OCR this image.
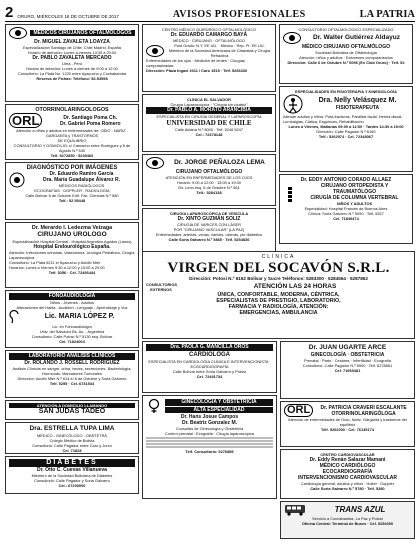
2 ORURO, MIÉRCOLES 18 DE OCTUBRE DE 2017	AVISOS PROFESIONALES	LA PATRIA
MÉDICOS CIRUJANOS OFTALMÓLOGOS
Dr. MIGUEL ZAVALETA LOAYZA
Especialización Santiago de Chile, Chile Madrid, España
Horario de atención: Lunes a viernes 14:30 a 20:00
Dr. PABLO ZAVALETA MERCADO
Lima - Perú
Horario de atención: Lunes a viernes de 9:00 a 12:00
Consultorio: La Plata No. 1220 entre Ayacucho y Cochabamba
Reserva de Fichas: Teléfono: 52-53598
OTORRINOLARINGOLOGOS
ORL	Dr. Santiago Poma Ch.
Dr. Gabriel Poma Romero
Atención a niños y adultos en enfermedades de: OÍDO - NARIZ - GARGANTA y TRASTORNOS
DE EQUILIBRIO
CONSULTORIO Y DOMICILIO: c/ Camacho entre Rodríguez y 6 de Agosto N.º 540
Telf. 5272850 · 5239460
DIAGNÓSTICO POR IMÁGENES
Dr. Eduardo Ramiro García
Dra. María Guadalupe Álvarez R.
MÉDICOS RADIÓLOGOS
ECOGRAFÍAS · DOPPLER · RADIOLOGÍA
Calle Bolívar 6 de Octubre Edif. Fac. Ciencias N.º 580
Telf.: 52 55448
Dr. Merardo I. Ledezma Veizaga
CIRUJANO UROLOGO
Especialización Hospital Central - Hospital Argentino Agudos (Lanús)
Hospital Endourológico España.
Atención: Infecciones urinarias, Vasectomía, Urología Pediátrica, Cirugía Laparoscópica
Consultorio: La Plata 6211 e/ Ayacucho y Adolfo Mier
Horarios: Lunes a Viernes 9:30 a 12:00 y 15:00 a 20:00
Telf. 5256 · Cel. 72493444
FONOAUDIOLOGIA
Niños - Jóvenes - Adultos
Alteraciones del Habla - Audición - Lenguaje - Aprendizaje y Voz
Lic. MARIA LÓPEZ P.
Lic. en Fonoaudiología
Univ. del Salvador Bs. As. - Argentina
Consultorio: Calle Potosí N.º 5130 esq. Bolívar
Cel. 71824004
LABORATORIO ANÁLISIS CLÍNICOS
Dr. ROLANDO J. ROSSELL RODRIGUEZ
Análisis Clínicos en sangre, orina, heces, secreciones. Bacteriología, Hormonas, Marcadores Tumorales
Dirección: Adolfo Mier N.º 614 e/ 6 de Octubre y Soria Galvarro
Telf. 5255 · Cel. 6731534
ATENCIÓN A DOMICILIO LLAMANDO
SAN JUDAS TADEO
Dra. ESTRELLA TUPA LIMA
MÉDICO - GINECÓLOGO - OBSTETRA
Colegio Médico de Bolivia
Consultorio: Calle Pagador entre Caro y Junín
Cel. 71828
DIABETES
Dr. Otto C. Cuevas Villanueva
Miembro de la Sociedad Boliviana de Diabetes
Consultorio: Calle Pagador y Soria Galvarro
Cel.: 67200000
CENTRO MÉDICO QUIRÚRGICO OFTALMOLÓGICO
Dr. EDUARDO CAMARGO BAYÁ
MÉDICO · CIRUJANO · OFTALMÓLOGO
Post Grado: N.Y. EE.UU. · México · Rep. Pr. EE.UU.
Miembro de la Sociedad Americana de Cataratas y Cirugía Refractiva
Enfermedades de los ojos · Medición de lentes · Cirugías computarizadas
Dirección: Plaza Ingavi 2011 / Caro 1515 · Telf. 5266330
CLÍNICA EL SALVADOR
Cirugía Laparoscópica · "Cirugía sin cicatriz"
Dr. PABLO A. MORATO ARANCIBIA
ESPECIALISTA EN CIRUGÍA GENERAL Y LAPAROSCOPÍA
UNIVERSIDAD DE CHILE
Calle Aldana N.º 8000 · Telf. 5246 5247
Cel.: 72478148
Dr. JORGE PEÑALOZA LEMA
CIRUJANO OFTALMÓLOGO
ATENCIÓN EN ENFERMEDADES DE LOS OJOS
Horario: 9:00 a 12:00 · 15:00 a 19:00
Dir. León esq. 6 de Octubre N.º 561
Telf.: 5284138
CIRUGÍA LAPAROSCÓPICA DE VESÍCULA
Dr. XINTO GUZMÁN SOLIZ
CIRUGÍA DE VARICES CON LÁSER
POR "CIRUJANO VASCULAR" (LA PAZ)
Enfermedades: arterias, venas, várices, úlceras, pie diabético
Calle Soria Galvarro N.º 5865 · Telf. 5254836
CONSULTORIO OFTALMOLÓGICO ESPECIALIZADO
Dr. Walter Gutiérrez Aldayuz
MÉDICO CIRUJANO OFTALMÓLOGO
Sociedad Boliviana de Oftalmología
Atención: niños y adultos · Exámenes computarizados
Dirección: Calle 6 de Octubre N.º 6096 (Ex Club Oruro) · Telf. 52
ESPECIALIDADES EN FISIOTERAPIA Y KINESIOLOGÍA
Dra. Nelly Velásquez M.
FISIOTERAPEUTA
Atiende adultos y niños: Post-fracturas, Parálisis facial, Hernia discal, Lumbalgias, Ciática, Esguinces, Rehabilitación
Lunes a Viernes, Mañanas 09:00 a 12:00 · Tardes 14:30 a 19:00
Dirección: Calle Pagador N.º 6160
Telf.: 5262974 · Cel. 72348067
Dr. EDDY ANTONIO CORADO ALLAEZ
CIRUJANO ORTOPEDISTA Y TRAUMATÓLOGO
CIRUGÍA DE COLUMNA VERTEBRAL
NIÑOS Y ADULTOS
Especialidad: Hospital Francés de Buenos Aires
Clínica: Soria Galvarro N.º 5090 · Telf. 5257
Cel. 71849474
CLÍNICA
VIRGEN DEL SOCAVÓN S.R.L.
Dirección: Potosí N.º 6152 Bolívar y Sucre Teléfonos: 5283300 · 5284564 · 5287862
CONSULTORIOS EXTERNOS	ATENCIÓN LAS 24 HORAS
ÚNICA, CONFORTABLE, MODERNA, CÉNTRICA,
ESPECIALISTAS DE PRESTIGIO, LABORATORIO,
FARMACIA Y RADIOLOGÍA, ATENCIÓN:
EMERGENCIAS, AMBULANCIA
Dra. PAOLA G. MANCILLA OROS
CARDIÓLOGA
ESPECIALISTA EN CARDIOLOGÍA CLÍNICA E INTERVENCIONISTA · ECOCARDIOGRAFÍA
Calle Bolívar entre Soria Galvarro y Potosí
Cel. 72491734
GINECOLOGÍA Y OBSTETRICIA
ALTA ESPECIALIDAD
Dr. Hans Josue Campos
Dr. Beatriz Gonzalez M.
Consultas de Ginecología y Obstetricia
Control prenatal · Ecografía · Cirugía laparoscópica
Telf. Consultorio: 5276889
Dr. JUAN UGARTE ARCE
GINECOLOGÍA · OBSTETRICIA
Prenatal · Parto · Cesárea · Infertilidad · Ecografía
Consultorio: Calle Pagador N.º 5900 · Telf. 5278861
Cel. 71965481
ORL	Dr. PATRICIA CRAVERI ESCALANTE
OTORRINOLARINGÓLOGA
Atención de enfermedades de Oído, Nariz, Garganta y trastornos del equilibrio
Telf. 5262000 · Cel. 76135174
CENTRO CARDIOVASCULAR
Dr. Eddy Renán Salazar Mamani
MÉDICO CARDIÓLOGO
ECOCARDIOGRAFÍA
INTERVENCIONISMO CARDIOVASCULAR
Cardiología general, adultos y niños · Holter · Doppler
Calle Soria Galvarro N.º 5780 · Telf. 5280
TRANS AZUL
Servicio a Cochabamba, La Paz y Potosí
Oficina Central: Terminal de Buses · Cel. 5254000
